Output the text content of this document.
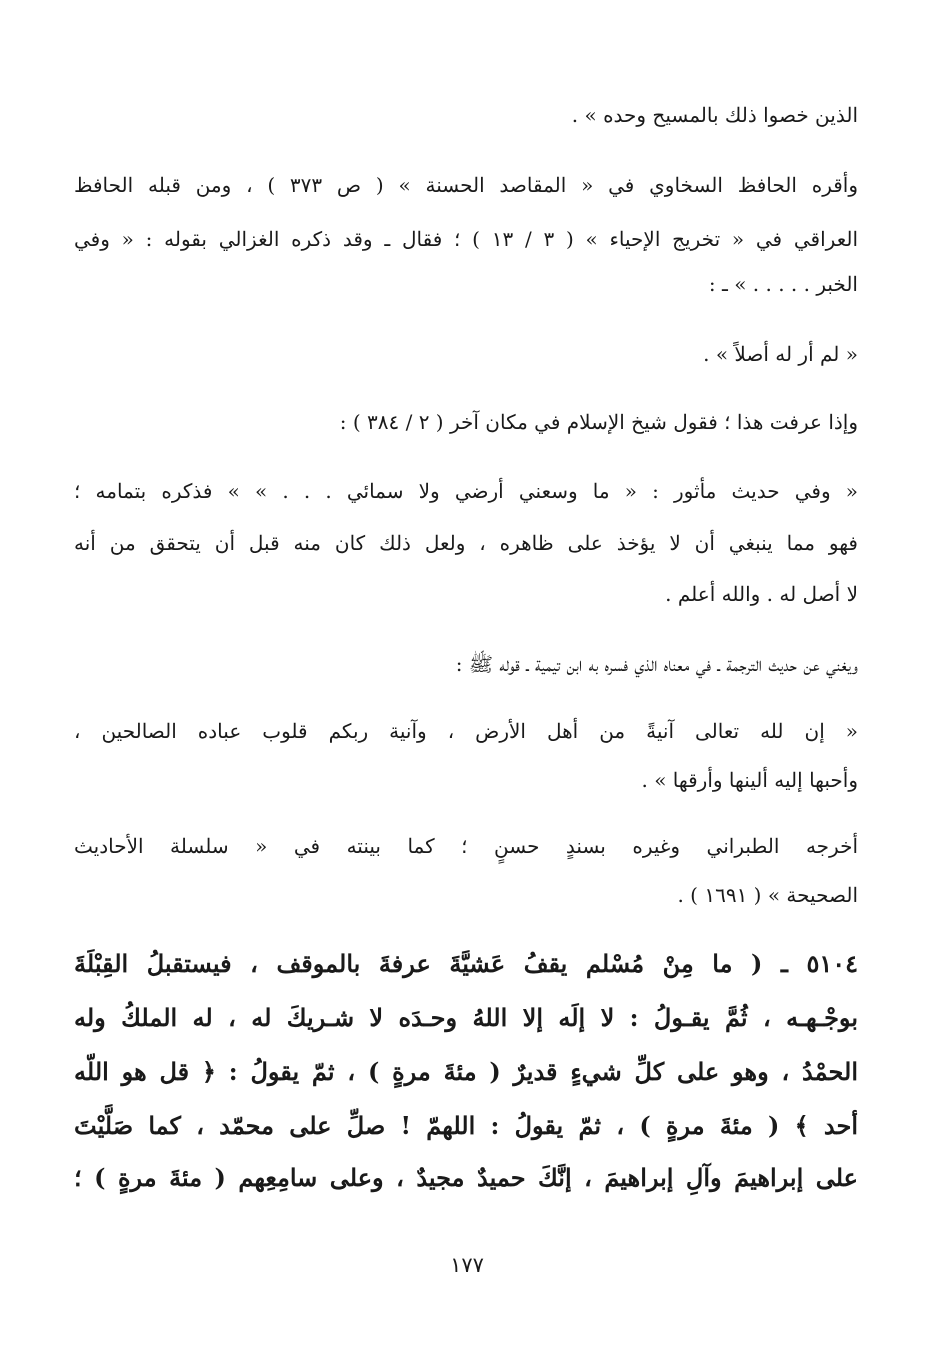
الذين خصوا ذلك بالمسيح وحده » .
وأقره الحافظ السخاوي في « المقاصد الحسنة » ( ص ٣٧٣ ) ، ومن قبله الحافظ
العراقي في « تخريج الإحياء » ( ٣ / ١٣ ) ؛ فقال ـ وقد ذكره الغزالي بقوله : « وفي
الخبر . . . . . » ـ :
« لم أر له أصلاً » .
وإذا عرفت هذا ؛ فقول شيخ الإسلام في مكان آخر ( ٢ / ٣٨٤ ) :
« وفي حديث مأثور : « ما وسعني أرضي ولا سمائي . . . » » فذكره بتمامه ؛
فهو مما ينبغي أن لا يؤخذ على ظاهره ، ولعل ذلك كان منه قبل أن يتحقق من أنه
لا أصل له . والله أعلم .
ويغني عن حديث الترجمة ـ في معناه الذي فسره به ابن تيمية ـ قوله ﷺ :
« إن لله تعالى آنيةً من أهل الأرض ، وآنية ربكم قلوب عباده الصالحين ،
وأحبها إليه ألينها وأرقها » .
أخرجه الطبراني وغيره بسندٍ حسنٍ ؛ كما بينته في « سلسلة الأحاديث
الصحيحة » ( ١٦٩١ ) .
٥١٠٤ ـ ( ما مِنْ مُسْلم يقفُ عَشيَّةَ عرفةَ بالموقف ، فيستقبلُ القِبْلَةَ
بوجْـهـه ، ثُمَّ يقـولُ : لا إلَه إلا اللهُ وحـدَه لا شـريكَ له ، له الملكُ وله
الحمْدُ ، وهو على كلِّ شيءٍ قديرٌ ( مئةَ مرةٍ ) ، ثمّ يقولُ : ﴿ قل هو اللّه
أحد ﴾ ( مئةَ مرةٍ ) ، ثمّ يقولُ : اللهمّ ! صلِّ على محمّد ، كما صَلَّيْتَ
على إبراهيمَ وآلِ إبراهيمَ ، إنَّكَ حميدٌ مجيدٌ ، وعلى سامِعِهم ( مئةَ مرةٍ ) ؛
١٧٧
